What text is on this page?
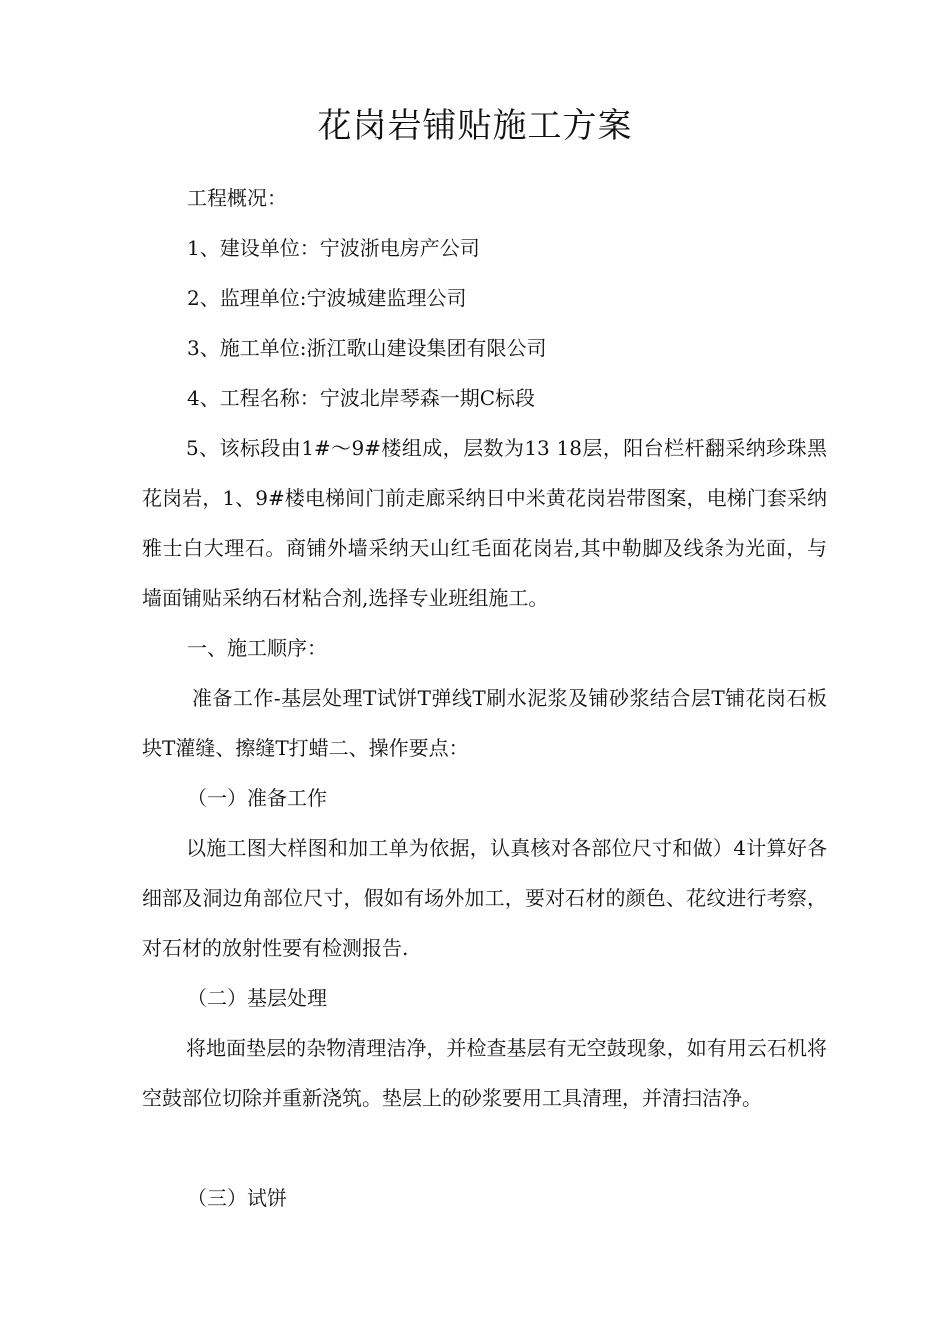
花岗岩铺贴施工方案
工程概况：
1、建设单位：宁波浙电房产公司
2、监理单位:宁波城建监理公司
3、施工单位:浙江歌山建设集团有限公司
4、工程名称：宁波北岸琴森一期C标段
5、该标段由1#〜9#楼组成，层数为13 18层，阳台栏杆翻采纳珍珠黑花岗岩，1、9#楼电梯间门前走廊采纳日中米黄花岗岩带图案，电梯门套采纳雅士白大理石。商铺外墙采纳天山红毛面花岗岩,其中勒脚及线条为光面，与墙面铺贴采纳石材粘合剂,选择专业班组施工。
一、施工顺序：
准备工作-基层处理T试饼T弹线T刷水泥浆及铺砂浆结合层T铺花岗石板块T灌缝、擦缝T打蜡二、操作要点：
（一）准备工作
以施工图大样图和加工单为依据，认真核对各部位尺寸和做）4计算好各细部及洞边角部位尺寸，假如有场外加工，要对石材的颜色、花纹进行考察，对石材的放射性要有检测报告.
（二）基层处理
将地面垫层的杂物清理洁净，并检查基层有无空鼓现象，如有用云石机将空鼓部位切除并重新浇筑。垫层上的砂浆要用工具清理，并清扫洁净。
（三）试饼
